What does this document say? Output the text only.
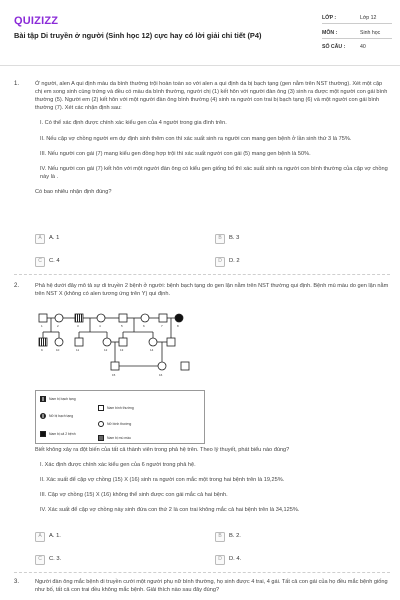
QUIZIZZ
Bài tập Di truyền ở người (Sinh học 12) cực hay có lời giải chi tiết (P4)
LỚP :	Lớp 12
MÔN :	Sinh học
SỐ CÂU :	40
1.	Ở người, alen A qui định màu da bình thường trội hoàn toàn so với alen a qui định da bị bạch tạng (gen nằm trên NST thường). Xét một cặp chị em song sinh cùng trứng và đều có màu da bình thường, người chị (1) kết hôn với người đàn ông (3) sinh ra được một người con gái bình thường (5). Người em (2) kết hôn với một người đàn ông bình thường (4) sinh ra người con trai bị bạch tạng (6) và một người con gái bình thường (7). Xét các nhận định sau:
I. Có thể xác định được chính xác kiểu gen của 4 người trong gia đình trên.
II. Nếu cặp vợ chồng người em dự định sinh thêm con thì xác suất sinh ra người con mang gen bệnh ở lần sinh thứ 3 là 75%.
III. Nếu người con gái (7) mang kiểu gen đồng hợp trội thì xác suất người con gái (5) mang gen bệnh là 50%.
IV. Nếu người con gái (7) kết hôn với một người đàn ông có kiểu gen giống bố thì xác suất sinh ra người con bình thường của cặp vợ chồng này là .
Có bao nhiêu nhận định đúng?
A	A. 1	B	B. 3
C	C. 4	D	D. 2
2.	Phả hệ dưới đây mô tả sự di truyền 2 bệnh ở người: bệnh bạch tạng do gen lặn nằm trên NST thường qui định. Bệnh mù màu do gen lặn nằm trên NST X (không có alen tương ứng trên Y) qui định.
1	2	3	4	5	6	7	8
9	10	11	12	13	14
15	16
Nam bị bạch tạng
Nam bình thường
Nữ bị bạch tạng
Nữ bình thường
Nam bị cả 2 bệnh
Nam bị mù màu
Biết không xảy ra đột biến của tất cả thành viên trong phả hệ trên. Theo lý thuyết, phát biểu nào đúng?
I. Xác định được chính xác kiểu gen của 6 người trong phả hệ.
II. Xác suất để cặp vợ chồng (15) X (16) sinh ra người con mắc một trong hai bệnh trên là 19,25%.
III. Cặp vợ chồng (15) X (16) không thể sinh được con gái mắc cả hai bệnh.
IV. Xác suất để cặp vợ chồng này sinh đứa con thứ 2 là con trai không mắc cả hai bệnh trên là 34,125%.
A	A. 1.	B	B. 2.
C	C. 3.	D	D. 4.
3.	Người đàn ông mắc bệnh di truyền cưới một người phụ nữ bình thường, họ sinh được 4 trai, 4 gái. Tất cả con gái của họ đều mắc bệnh giống như bố, tất cả con trai đều không mắc bệnh. Giải thích nào sau đây đúng?
